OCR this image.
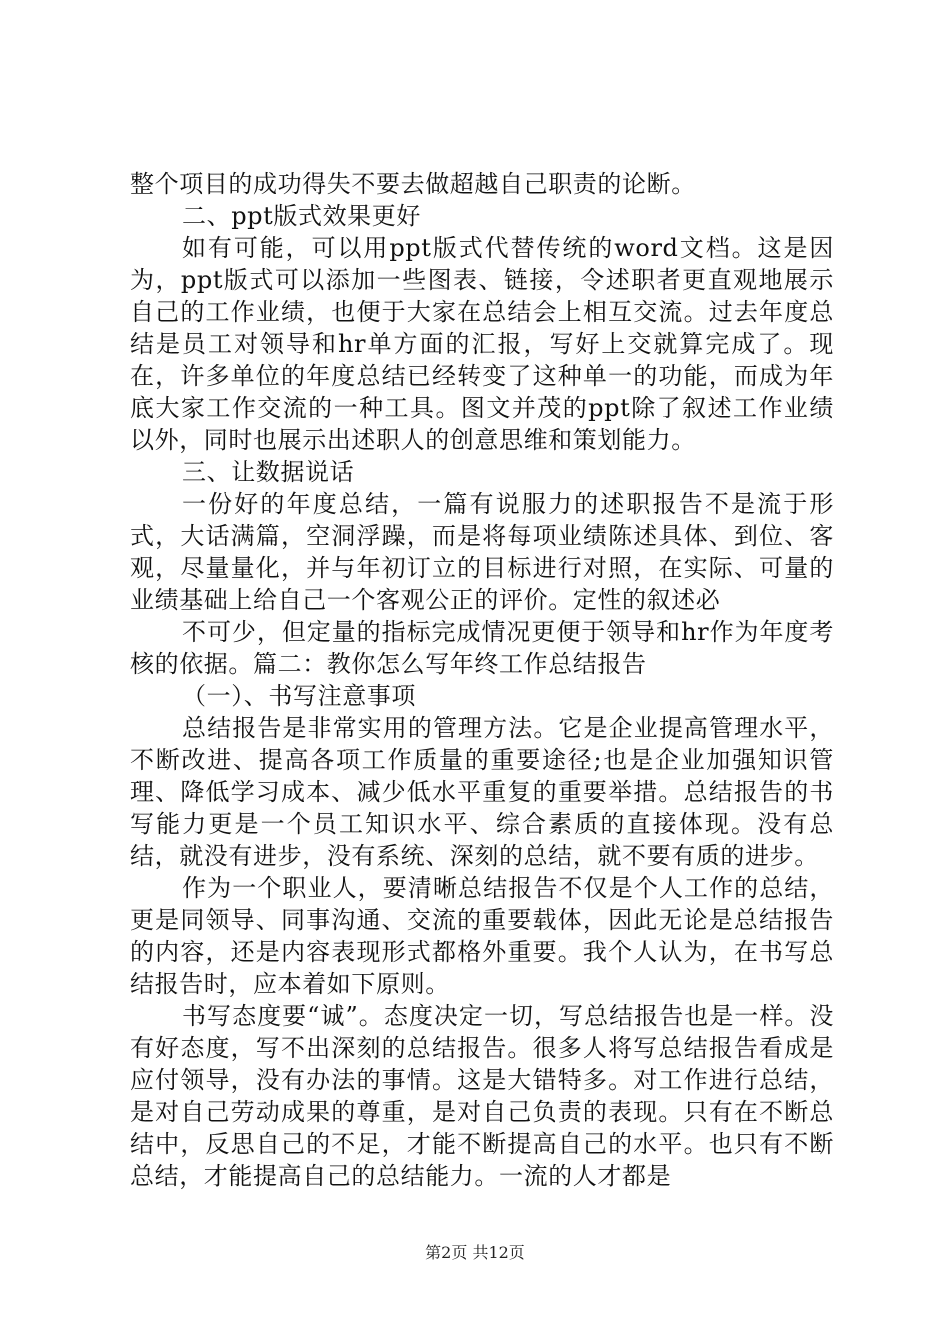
整个项目的成功得失不要去做超越自己职责的论断。

二、ppt版式效果更好

如有可能，可以用ppt版式代替传统的word文档。这是因为，ppt版式可以添加一些图表、链接，令述职者更直观地展示自己的工作业绩，也便于大家在总结会上相互交流。过去年度总结是员工对领导和hr单方面的汇报，写好上交就算完成了。现在，许多单位的年度总结已经转变了这种单一的功能，而成为年底大家工作交流的一种工具。图文并茂的ppt除了叙述工作业绩以外，同时也展示出述职人的创意思维和策划能力。

三、让数据说话

一份好的年度总结，一篇有说服力的述职报告不是流于形式，大话满篇，空洞浮躁，而是将每项业绩陈述具体、到位、客观，尽量量化，并与年初订立的目标进行对照，在实际、可量的业绩基础上给自己一个客观公正的评价。定性的叙述必

不可少，但定量的指标完成情况更便于领导和hr作为年度考核的依据。篇二：教你怎么写年终工作总结报告

（一）、书写注意事项

总结报告是非常实用的管理方法。它是企业提高管理水平，不断改进、提高各项工作质量的重要途径;也是企业加强知识管理、降低学习成本、减少低水平重复的重要举措。总结报告的书写能力更是一个员工知识水平、综合素质的直接体现。没有总结，就没有进步，没有系统、深刻的总结，就不要有质的进步。

作为一个职业人，要清晰总结报告不仅是个人工作的总结，更是同领导、同事沟通、交流的重要载体，因此无论是总结报告的内容，还是内容表现形式都格外重要。我个人认为，在书写总结报告时，应本着如下原则。

书写态度要“诚”。态度决定一切，写总结报告也是一样。没有好态度，写不出深刻的总结报告。很多人将写总结报告看成是应付领导，没有办法的事情。这是大错特多。对工作进行总结，是对自己劳动成果的尊重，是对自己负责的表现。只有在不断总结中，反思自己的不足，才能不断提高自己的水平。也只有不断总结，才能提高自己的总结能力。一流的人才都是

第2页 共12页
